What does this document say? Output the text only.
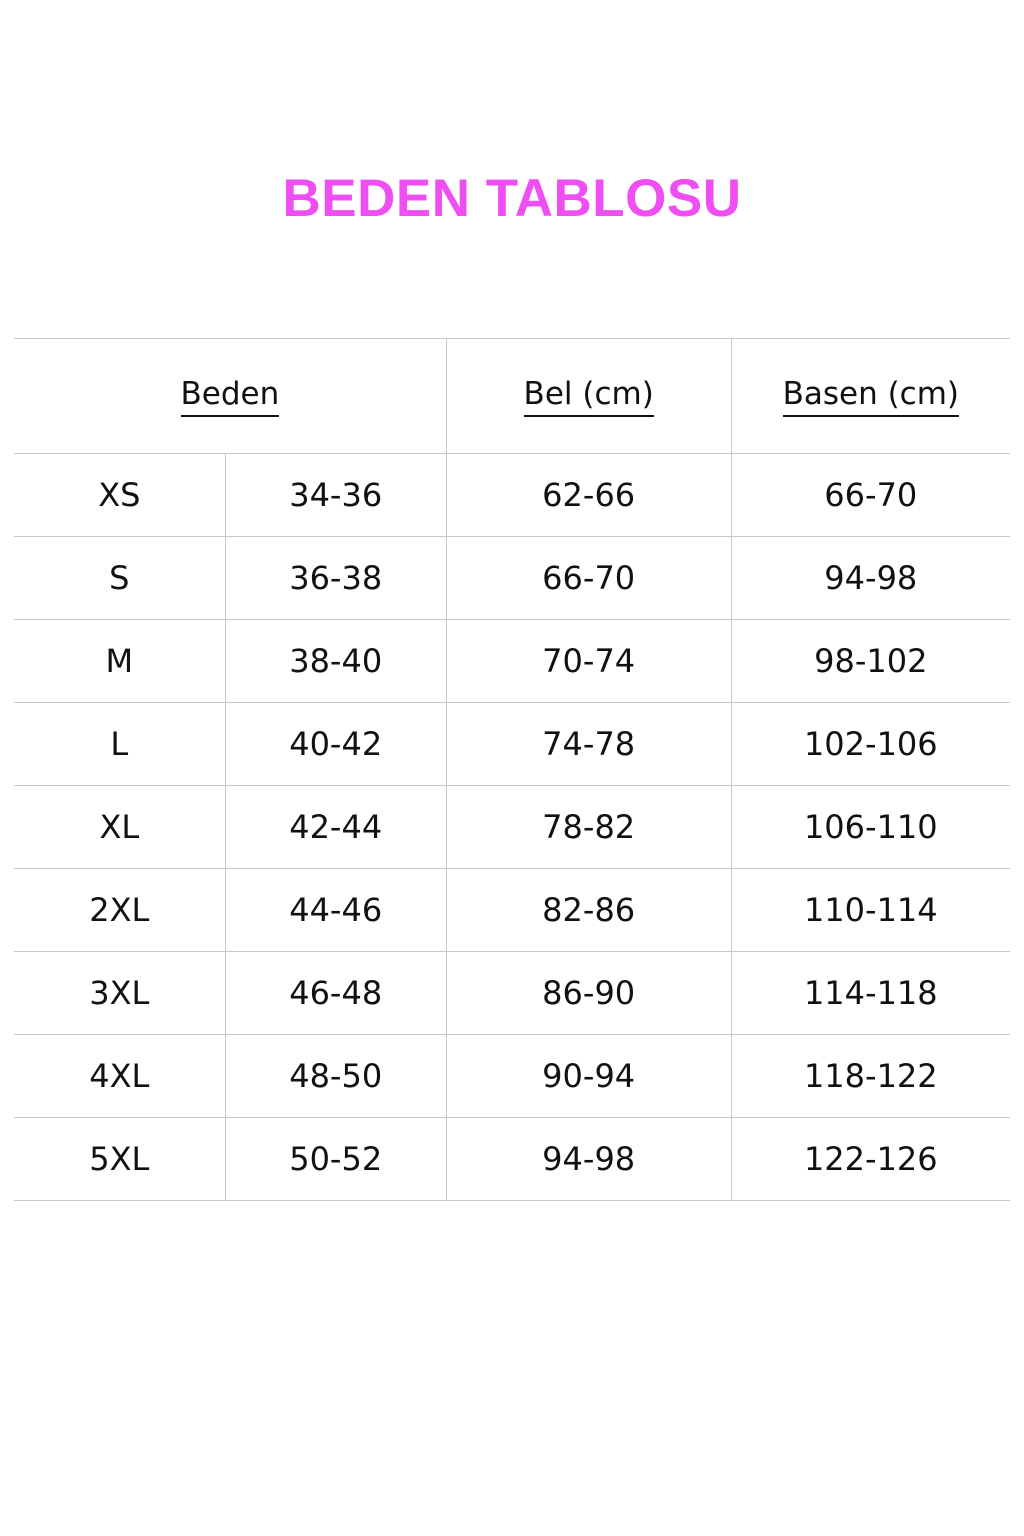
BEDEN TABLOSU
Beden		Bel (cm)	Basen (cm)
XS	34-36	62-66	66-70
S	36-38	66-70	94-98
M	38-40	70-74	98-102
L	40-42	74-78	102-106
XL	42-44	78-82	106-110
2XL	44-46	82-86	110-114
3XL	46-48	86-90	114-118
4XL	48-50	90-94	118-122
5XL	50-52	94-98	122-126
